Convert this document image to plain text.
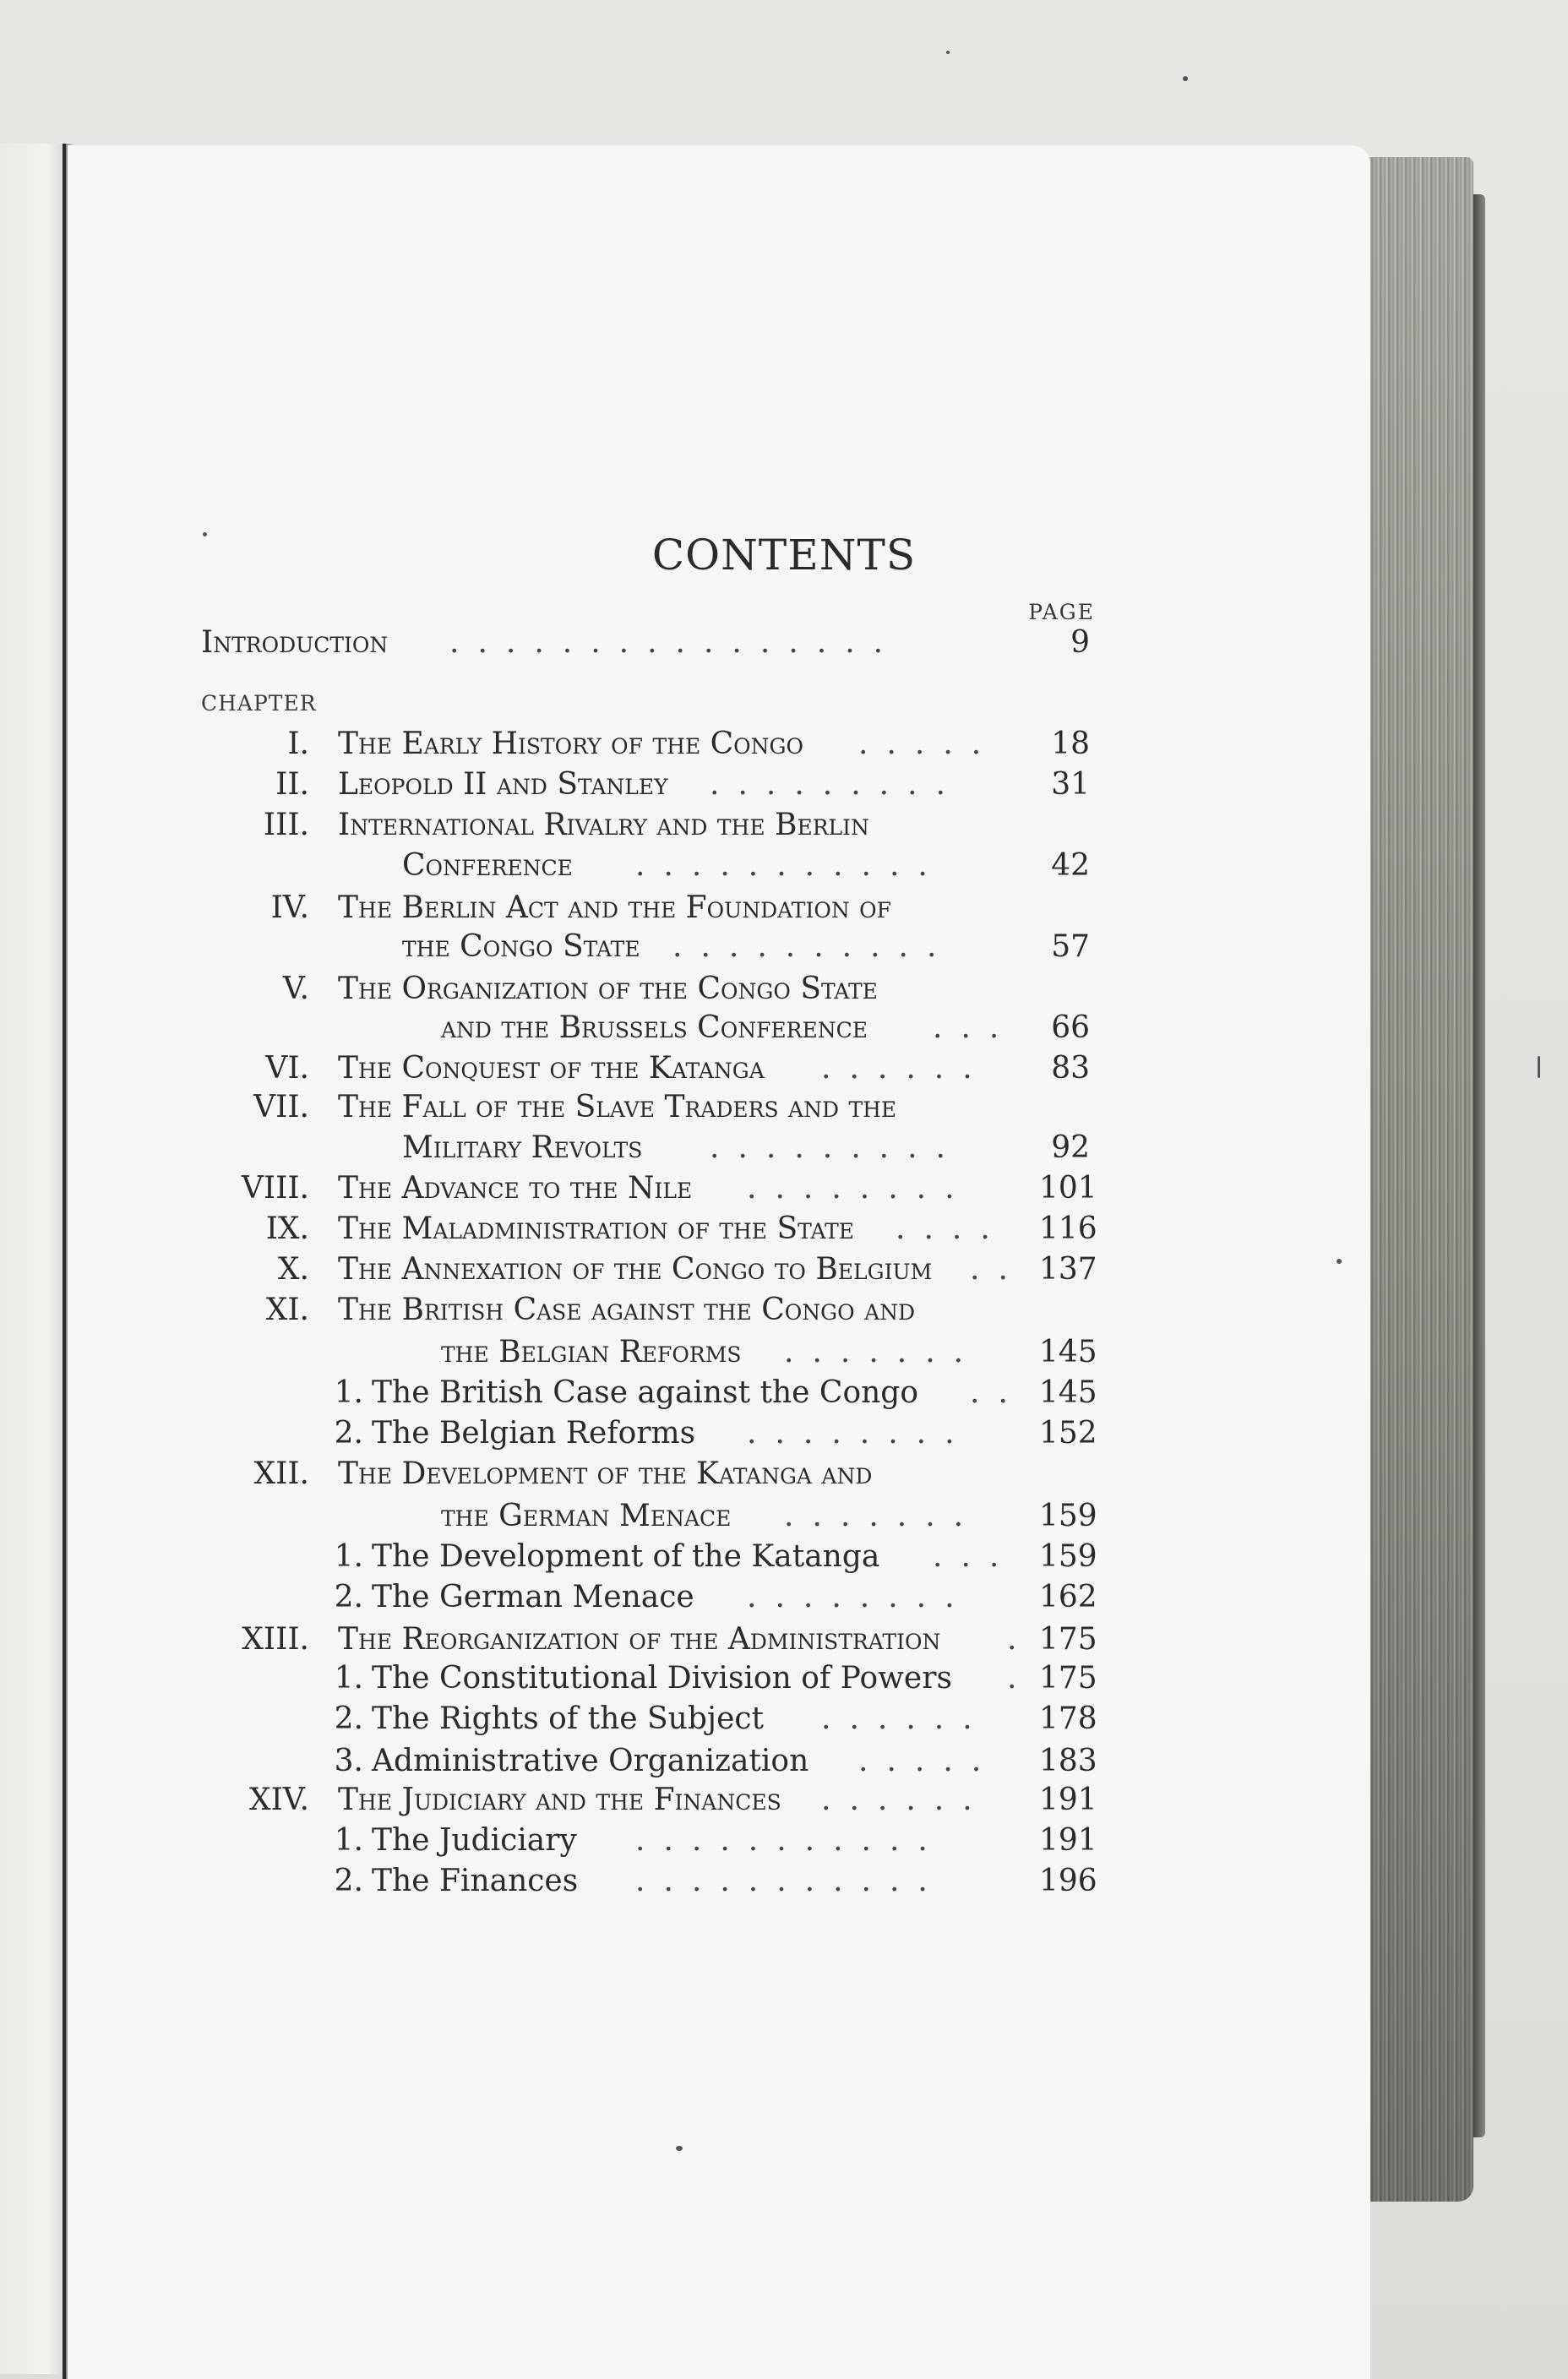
CONTENTS
PAGE
CHAPTER
Introduction ................	9
I. The Early History of the Congo .....	18
II. Leopold II and Stanley .........	31
III. International Rivalry and the Berlin
Conference ...........	42
IV. The Berlin Act and the Foundation of
the Congo State ..........	57
V. The Organization of the Congo State
and the Brussels Conference ...	66
VI. The Conquest of the Katanga ......	83
VII. The Fall of the Slave Traders and the
Military Revolts .........	92
VIII. The Advance to the Nile ........ 101
IX. The Maladministration of the State .... 116
X. The Annexation of the Congo to Belgium .. 137
XI. The British Case against the Congo and
the Belgian Reforms ....... 145
1. The British Case against the Congo .. 145
2. The Belgian Reforms ........ 152
XII. The Development of the Katanga and
the German Menace ....... 159
1. The Development of the Katanga ... 159
2. The German Menace ........ 162
XIII. The Reorganization of the Administration . 175
1. The Constitutional Division of Powers . 175
2. The Rights of the Subject ...... 178
3. Administrative Organization ..... 183
XIV. The Judiciary and the Finances ...... 191
1. The Judiciary ...........	191
2. The Finances ...........	196
